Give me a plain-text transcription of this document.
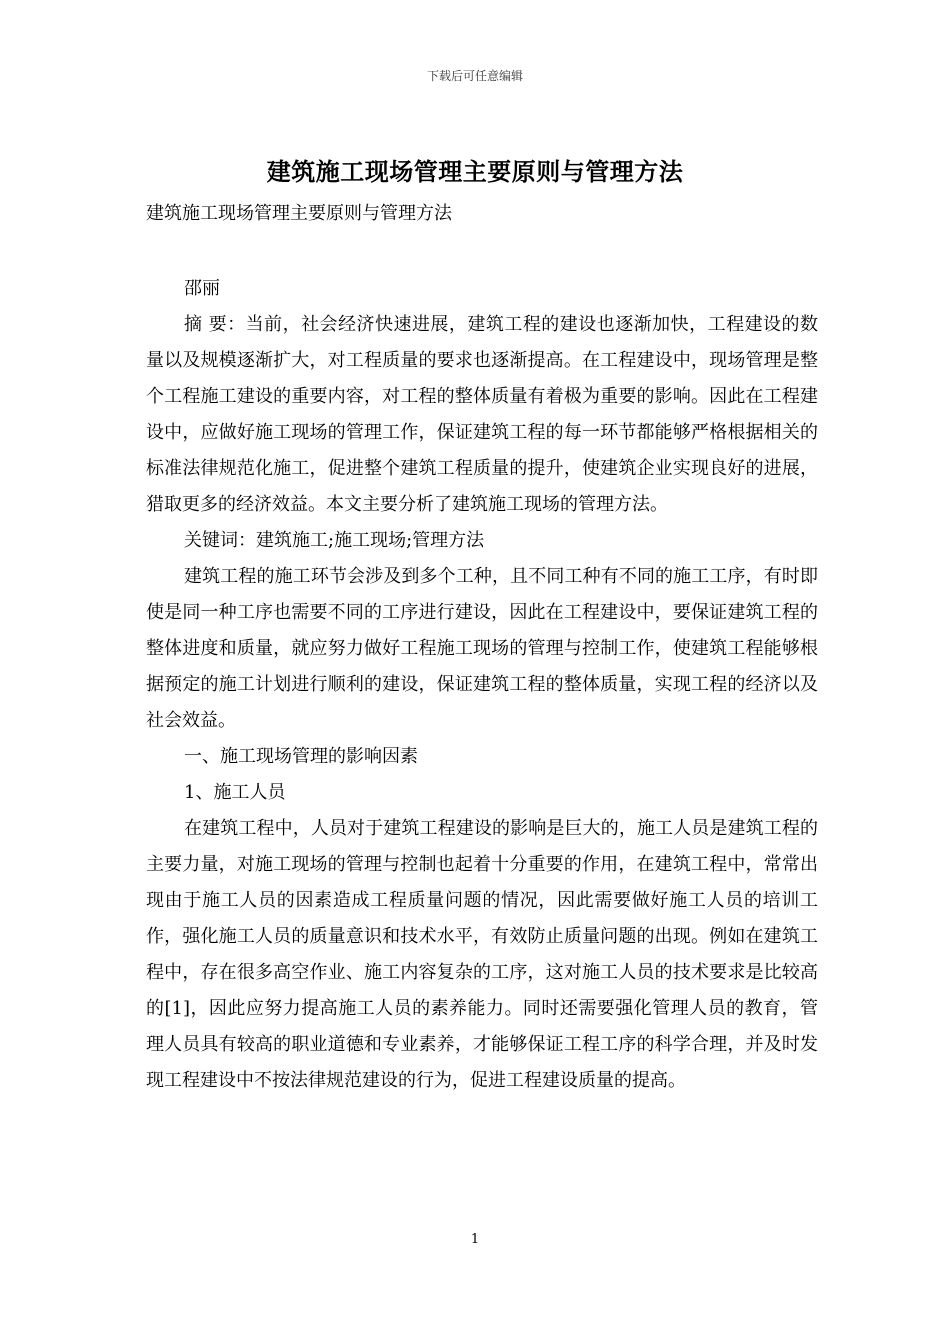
下载后可任意编辑
建筑施工现场管理主要原则与管理方法
建筑施工现场管理主要原则与管理方法
邵丽

摘 要：当前，社会经济快速进展，建筑工程的建设也逐渐加快，工程建设的数量以及规模逐渐扩大，对工程质量的要求也逐渐提高。在工程建设中，现场管理是整个工程施工建设的重要内容，对工程的整体质量有着极为重要的影响。因此在工程建设中，应做好施工现场的管理工作，保证建筑工程的每一环节都能够严格根据相关的标准法律规范化施工，促进整个建筑工程质量的提升，使建筑企业实现良好的进展，猎取更多的经济效益。本文主要分析了建筑施工现场的管理方法。

关键词：建筑施工;施工现场;管理方法

建筑工程的施工环节会涉及到多个工种，且不同工种有不同的施工工序，有时即使是同一种工序也需要不同的工序进行建设，因此在工程建设中，要保证建筑工程的整体进度和质量，就应努力做好工程施工现场的管理与控制工作，使建筑工程能够根据预定的施工计划进行顺利的建设，保证建筑工程的整体质量，实现工程的经济以及社会效益。

一、施工现场管理的影响因素

1、施工人员

在建筑工程中，人员对于建筑工程建设的影响是巨大的，施工人员是建筑工程的主要力量，对施工现场的管理与控制也起着十分重要的作用，在建筑工程中，常常出现由于施工人员的因素造成工程质量问题的情况，因此需要做好施工人员的培训工作，强化施工人员的质量意识和技术水平，有效防止质量问题的出现。例如在建筑工程中，存在很多高空作业、施工内容复杂的工序，这对施工人员的技术要求是比较高的[1]，因此应努力提高施工人员的素养能力。同时还需要强化管理人员的教育，管理人员具有较高的职业道德和专业素养，才能够保证工程工序的科学合理，并及时发现工程建设中不按法律规范建设的行为，促进工程建设质量的提高。

1
